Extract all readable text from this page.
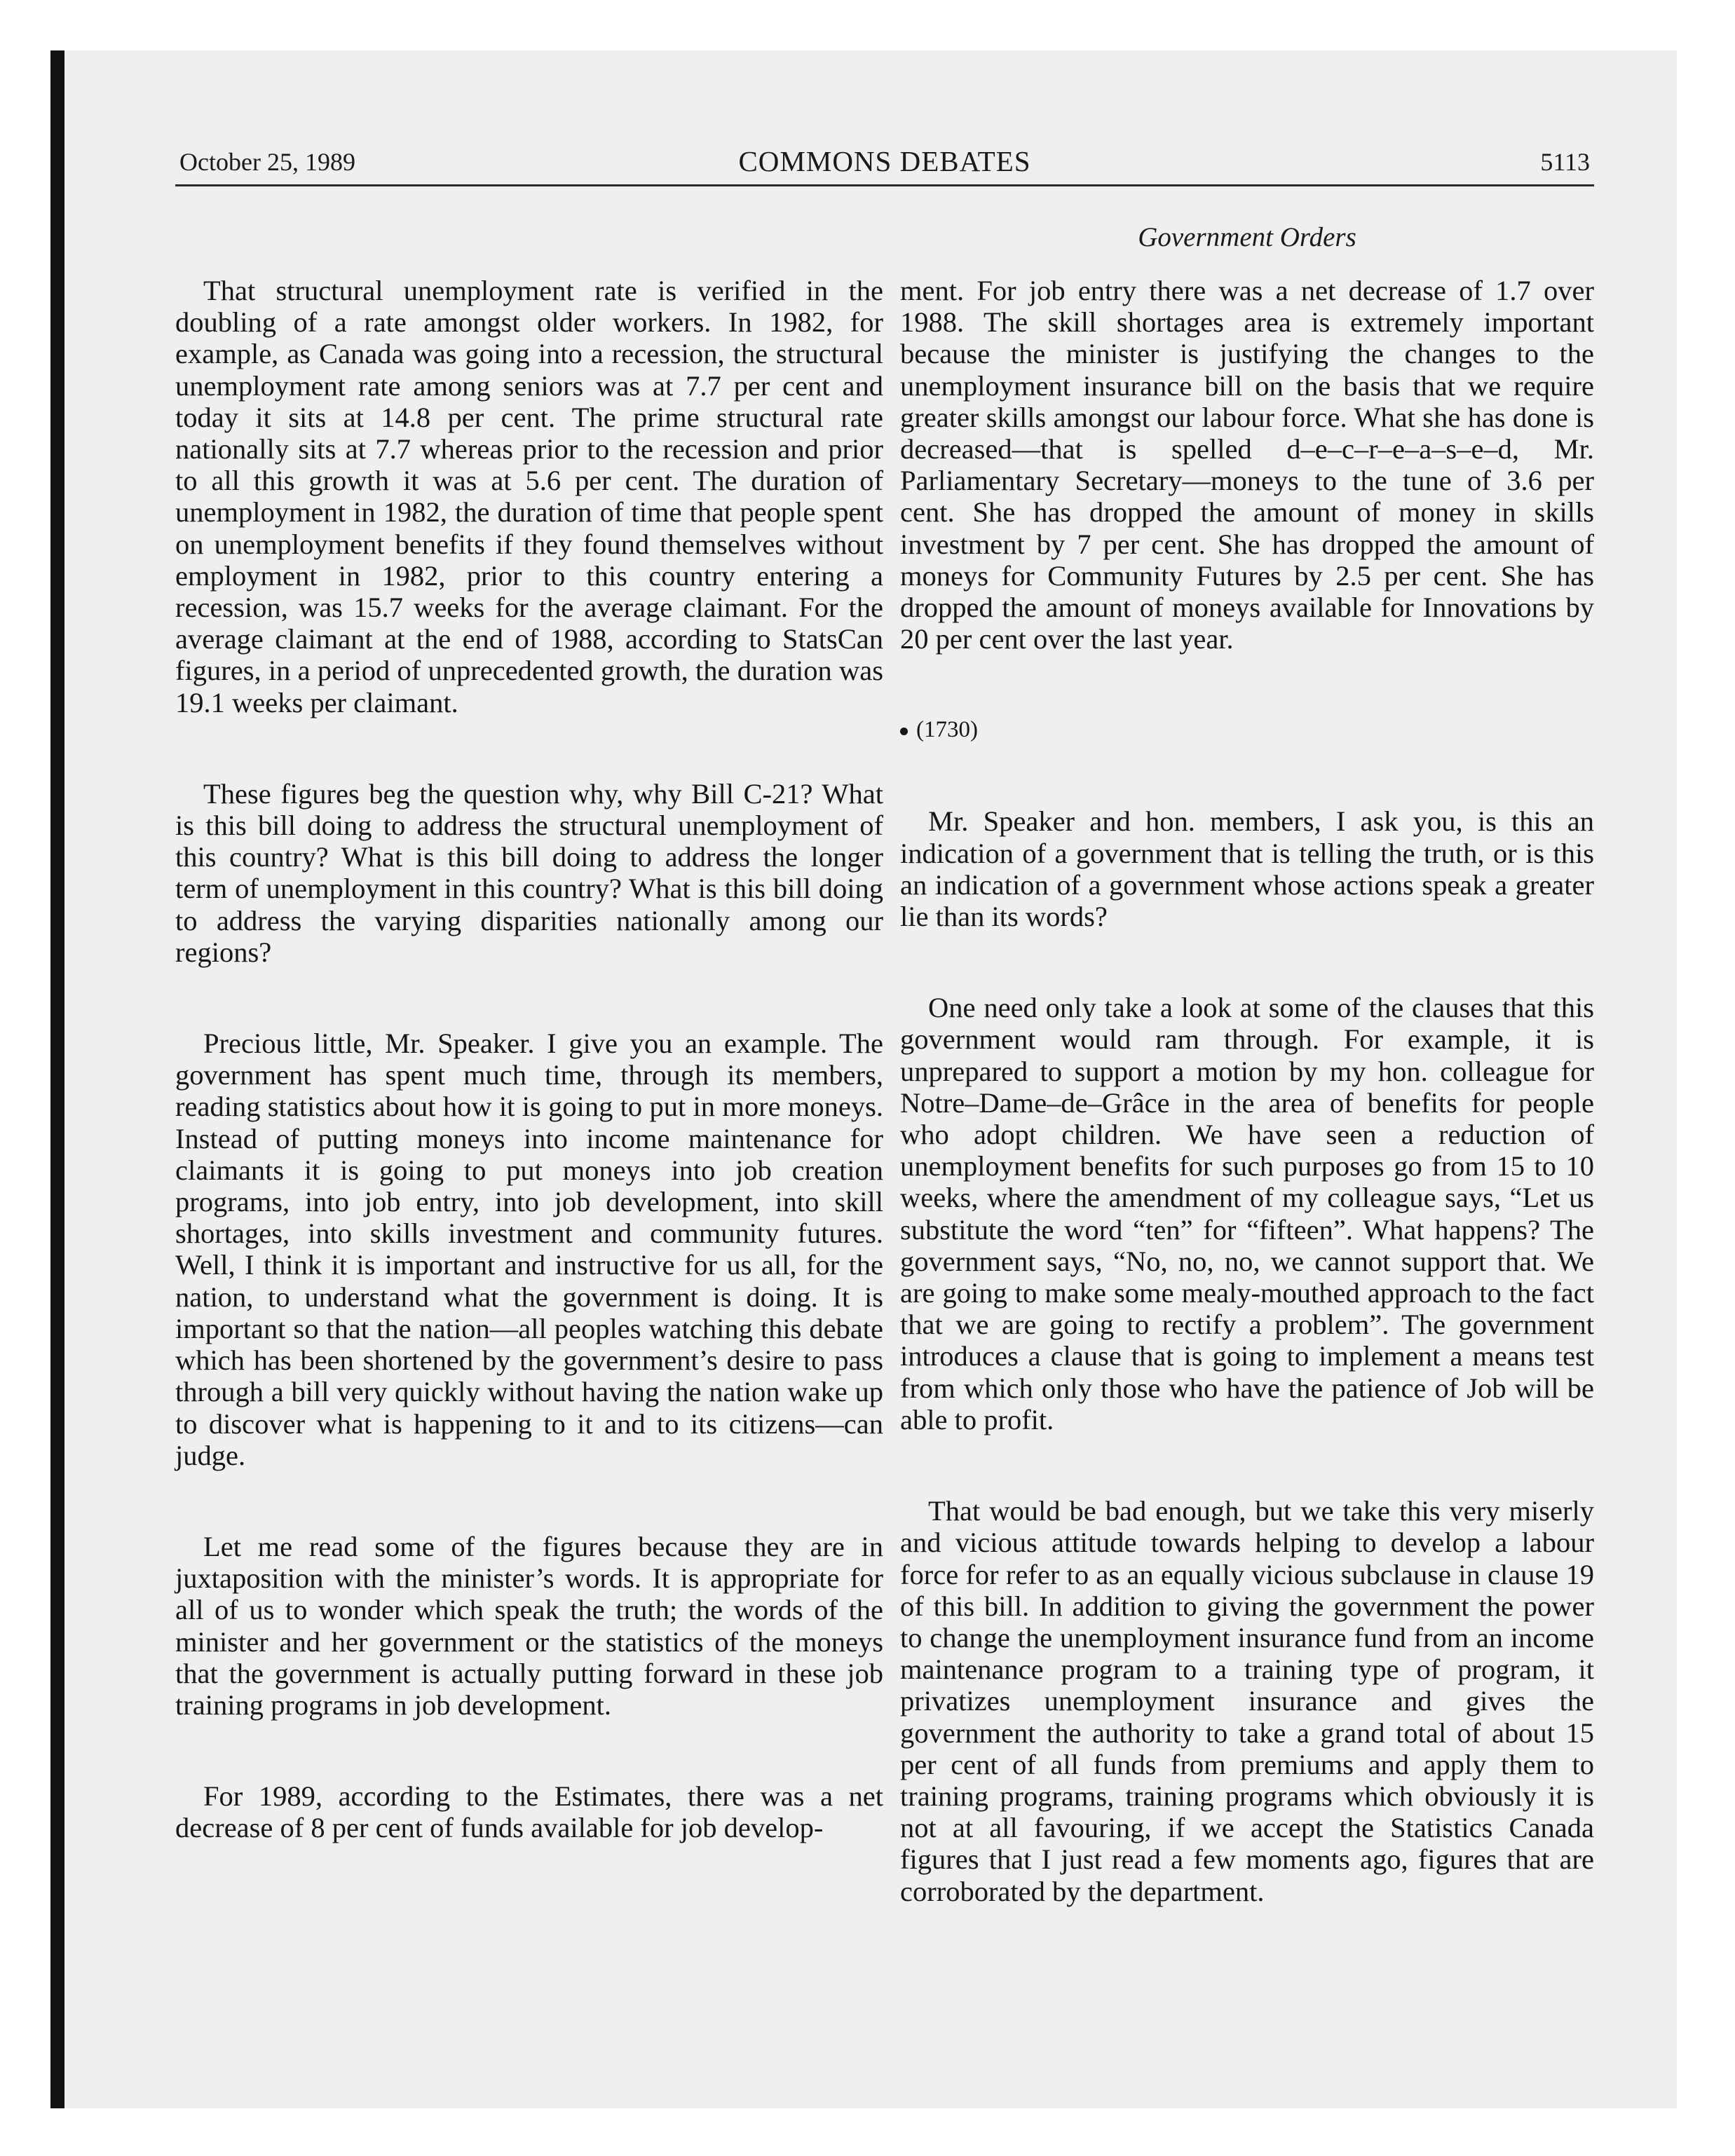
October 25, 1989	COMMONS DEBATES	5113
Government Orders

That structural unemployment rate is verified in the doubling of a rate amongst older workers. In 1982, for example, as Canada was going into a recession, the structural unemployment rate among seniors was at 7.7 per cent and today it sits at 14.8 per cent. The prime structural rate nationally sits at 7.7 whereas prior to the recession and prior to all this growth it was at 5.6 per cent. The duration of unemployment in 1982, the duration of time that people spent on unemployment benefits if they found themselves without employment in 1982, prior to this country entering a recession, was 15.7 weeks for the average claimant. For the average claimant at the end of 1988, according to StatsCan figures, in a period of unprecedented growth, the duration was 19.1 weeks per claimant.

These figures beg the question why, why Bill C-21? What is this bill doing to address the structural unemployment of this country? What is this bill doing to address the longer term of unemployment in this country? What is this bill doing to address the varying disparities nationally among our regions?

Precious little, Mr. Speaker. I give you an example. The government has spent much time, through its members, reading statistics about how it is going to put in more moneys. Instead of putting moneys into income maintenance for claimants it is going to put moneys into job creation programs, into job entry, into job development, into skill shortages, into skills investment and community futures. Well, I think it is important and instructive for us all, for the nation, to understand what the government is doing. It is important so that the nation—all peoples watching this debate which has been shortened by the government’s desire to pass through a bill very quickly without having the nation wake up to discover what is happening to it and to its citizens—can judge.

Let me read some of the figures because they are in juxtaposition with the minister’s words. It is appropriate for all of us to wonder which speak the truth; the words of the minister and her government or the statistics of the moneys that the government is actually putting forward in these job training programs in job development.

For 1989, according to the Estimates, there was a net decrease of 8 per cent of funds available for job develop-

ment. For job entry there was a net decrease of 1.7 over 1988. The skill shortages area is extremely important because the minister is justifying the changes to the unemployment insurance bill on the basis that we require greater skills amongst our labour force. What she has done is decreased—that is spelled d–e–c–r–e–a–s–e–d, Mr. Parliamentary Secretary—moneys to the tune of 3.6 per cent. She has dropped the amount of money in skills investment by 7 per cent. She has dropped the amount of moneys for Community Futures by 2.5 per cent. She has dropped the amount of moneys available for Innovations by 20 per cent over the last year.

(1730)

Mr. Speaker and hon. members, I ask you, is this an indication of a government that is telling the truth, or is this an indication of a government whose actions speak a greater lie than its words?

One need only take a look at some of the clauses that this government would ram through. For example, it is unprepared to support a motion by my hon. colleague for Notre–Dame–de–Grâce in the area of benefits for people who adopt children. We have seen a reduction of unemployment benefits for such purposes go from 15 to 10 weeks, where the amendment of my colleague says, “Let us substitute the word “ten” for “fifteen”. What happens? The government says, “No, no, no, we cannot support that. We are going to make some mealy-mouthed approach to the fact that we are going to rectify a problem”. The government introduces a clause that is going to implement a means test from which only those who have the patience of Job will be able to profit.

That would be bad enough, but we take this very miserly and vicious attitude towards helping to develop a labour force for refer to as an equally vicious subclause in clause 19 of this bill. In addition to giving the government the power to change the unemployment insurance fund from an income maintenance program to a training type of program, it privatizes unemployment insurance and gives the government the authority to take a grand total of about 15 per cent of all funds from premiums and apply them to training programs, training programs which obviously it is not at all favouring, if we accept the Statistics Canada figures that I just read a few moments ago, figures that are corroborated by the department.
